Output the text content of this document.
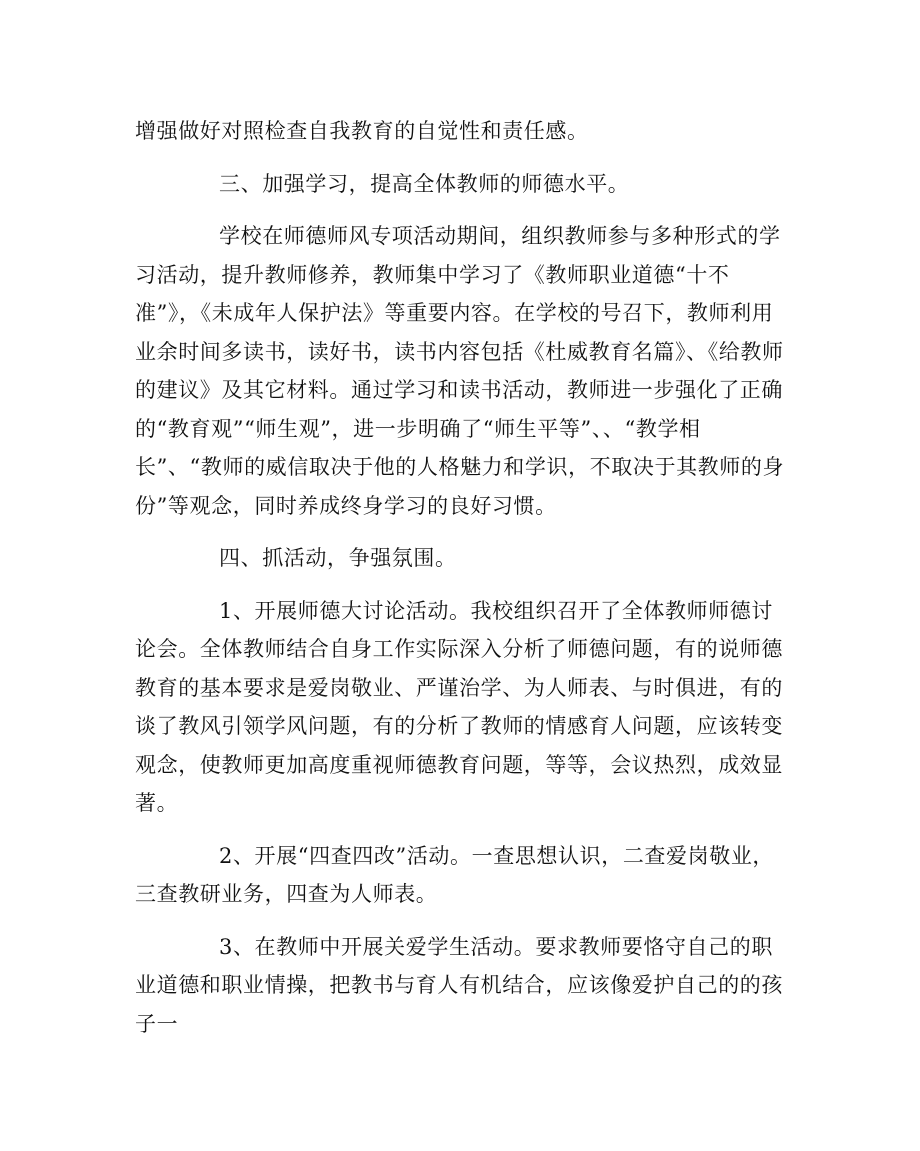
增强做好对照检查自我教育的自觉性和责任感。

三、加强学习，提高全体教师的师德水平。

学校在师德师风专项活动期间，组织教师参与多种形式的学习活动，提升教师修养，教师集中学习了《教师职业道德“十不准”》，《未成年人保护法》等重要内容。在学校的号召下，教师利用业余时间多读书，读好书，读书内容包括《杜威教育名篇》、《给教师的建议》及其它材料。通过学习和读书活动，教师进一步强化了正确的“教育观”“师生观”，进一步明确了“师生平等”、、“教学相长”、“教师的威信取决于他的人格魅力和学识，不取决于其教师的身份”等观念，同时养成终身学习的良好习惯。

四、抓活动，争强氛围。

1、开展师德大讨论活动。我校组织召开了全体教师师德讨论会。全体教师结合自身工作实际深入分析了师德问题，有的说师德教育的基本要求是爱岗敬业、严谨治学、为人师表、与时俱进，有的谈了教风引领学风问题，有的分析了教师的情感育人问题，应该转变观念，使教师更加高度重视师德教育问题，等等，会议热烈，成效显著。

2、开展“四查四改”活动。一查思想认识，二查爱岗敬业，三查教研业务，四查为人师表。

3、在教师中开展关爱学生活动。要求教师要恪守自己的职业道德和职业情操，把教书与育人有机结合，应该像爱护自己的的孩子一
